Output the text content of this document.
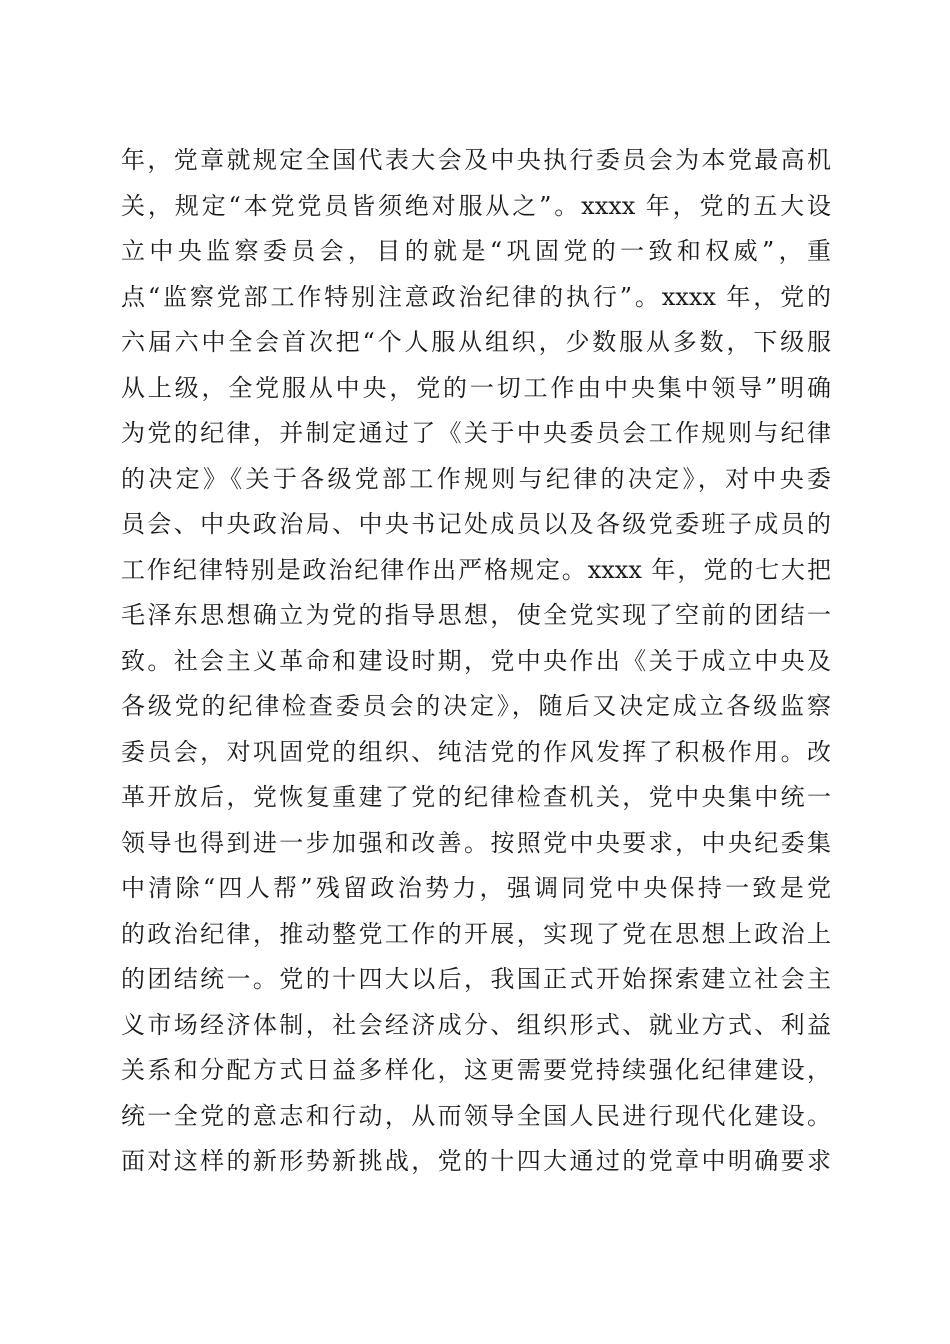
年，党章就规定全国代表大会及中央执行委员会为本党最高机
关，规定“本党党员皆须绝对服从之”。xxxx 年，党的五大设
立中央监察委员会，目的就是“巩固党的一致和权威”，重
点“监察党部工作特别注意政治纪律的执行”。xxxx 年，党的
六届六中全会首次把“个人服从组织，少数服从多数，下级服
从上级，全党服从中央，党的一切工作由中央集中领导”明确
为党的纪律，并制定通过了《关于中央委员会工作规则与纪律
的决定》《关于各级党部工作规则与纪律的决定》，对中央委
员会、中央政治局、中央书记处成员以及各级党委班子成员的
工作纪律特别是政治纪律作出严格规定。xxxx 年，党的七大把
毛泽东思想确立为党的指导思想，使全党实现了空前的团结一
致。社会主义革命和建设时期，党中央作出《关于成立中央及
各级党的纪律检查委员会的决定》，随后又决定成立各级监察
委员会，对巩固党的组织、纯洁党的作风发挥了积极作用。改
革开放后，党恢复重建了党的纪律检查机关，党中央集中统一
领导也得到进一步加强和改善。按照党中央要求，中央纪委集
中清除“四人帮”残留政治势力，强调同党中央保持一致是党
的政治纪律，推动整党工作的开展，实现了党在思想上政治上
的团结统一。党的十四大以后，我国正式开始探索建立社会主
义市场经济体制，社会经济成分、组织形式、就业方式、利益
关系和分配方式日益多样化，这更需要党持续强化纪律建设，
统一全党的意志和行动，从而领导全国人民进行现代化建设。
面对这样的新形势新挑战，党的十四大通过的党章中明确要求
